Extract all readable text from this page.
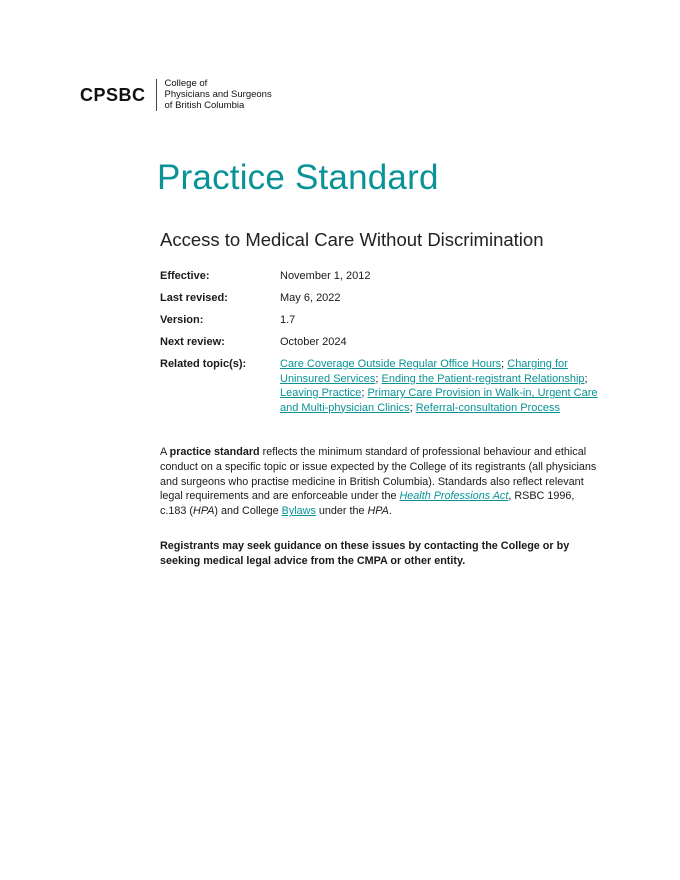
CPSBC
College of
Physicians and Surgeons
of British Columbia
Practice Standard
Access to Medical Care Without Discrimination
Effective:	November 1, 2012
Last revised:	May 6, 2022
Version:	1.7
Next review:	October 2024
Related topic(s):	Care Coverage Outside Regular Office Hours; Charging for Uninsured Services; Ending the Patient-registrant Relationship; Leaving Practice; Primary Care Provision in Walk-in, Urgent Care and Multi-physician Clinics; Referral-consultation Process

A practice standard reflects the minimum standard of professional behaviour and ethical conduct on a specific topic or issue expected by the College of its registrants (all physicians and surgeons who practise medicine in British Columbia). Standards also reflect relevant legal requirements and are enforceable under the Health Professions Act, RSBC 1996, c.183 (HPA) and College Bylaws under the HPA.

Registrants may seek guidance on these issues by contacting the College or by seeking medical legal advice from the CMPA or other entity.
